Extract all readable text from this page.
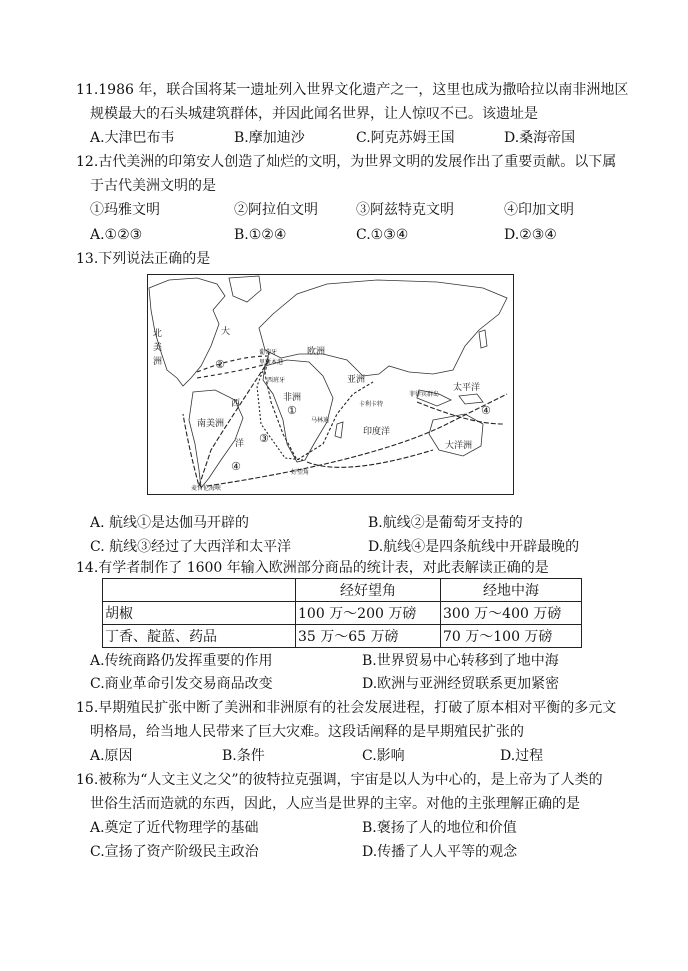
11.1986 年，联合国将某一遗址列入世界文化遗产之一，这里也成为撒哈拉以南非洲地区
规模最大的石头城建筑群体，并因此闻名世界，让人惊叹不已。该遗址是
A.大津巴布韦	B.摩加迪沙	C.阿克苏姆王国	D.桑海帝国
12.古代美洲的印第安人创造了灿烂的文明，为世界文明的发展作出了重要贡献。以下属
于古代美洲文明的是
①玛雅文明	②阿拉伯文明	③阿兹特克文明	④印加文明
A.①②③	B.①②④	C.①③④	D.②③④
13.下列说法正确的是
北
美
洲
大
西
洋
南美洲
欧洲
亚洲
非洲
印度洋
太平洋
大洋洲
葡萄牙
里斯本港
西班牙
卡利卡特
马林迪
好望角
菲律宾群岛
麦哲伦海峡
①
②
③
④
④
A. 航线①是达伽马开辟的	B.航线②是葡萄牙支持的
C. 航线③经过了大西洋和太平洋	D.航线④是四条航线中开辟最晚的
14.有学者制作了 1600 年输入欧洲部分商品的统计表，对此表解读正确的是
	经好望角	经地中海
胡椒	100 万～200 万磅	300 万～400 万磅
丁香、靛蓝、药品	35 万～65 万磅	70 万～100 万磅
A.传统商路仍发挥重要的作用	B.世界贸易中心转移到了地中海
C.商业革命引发交易商品改变	D.欧洲与亚洲经贸联系更加紧密
15.早期殖民扩张中断了美洲和非洲原有的社会发展进程，打破了原本相对平衡的多元文
明格局，给当地人民带来了巨大灾难。这段话阐释的是早期殖民扩张的
A.原因	B.条件	C.影响	D.过程
16.被称为“人文主义之父”的彼特拉克强调，宇宙是以人为中心的，是上帝为了人类的
世俗生活而造就的东西，因此，人应当是世界的主宰。对他的主张理解正确的是
A.奠定了近代物理学的基础	B.褒扬了人的地位和价值
C.宣扬了资产阶级民主政治	D.传播了人人平等的观念
